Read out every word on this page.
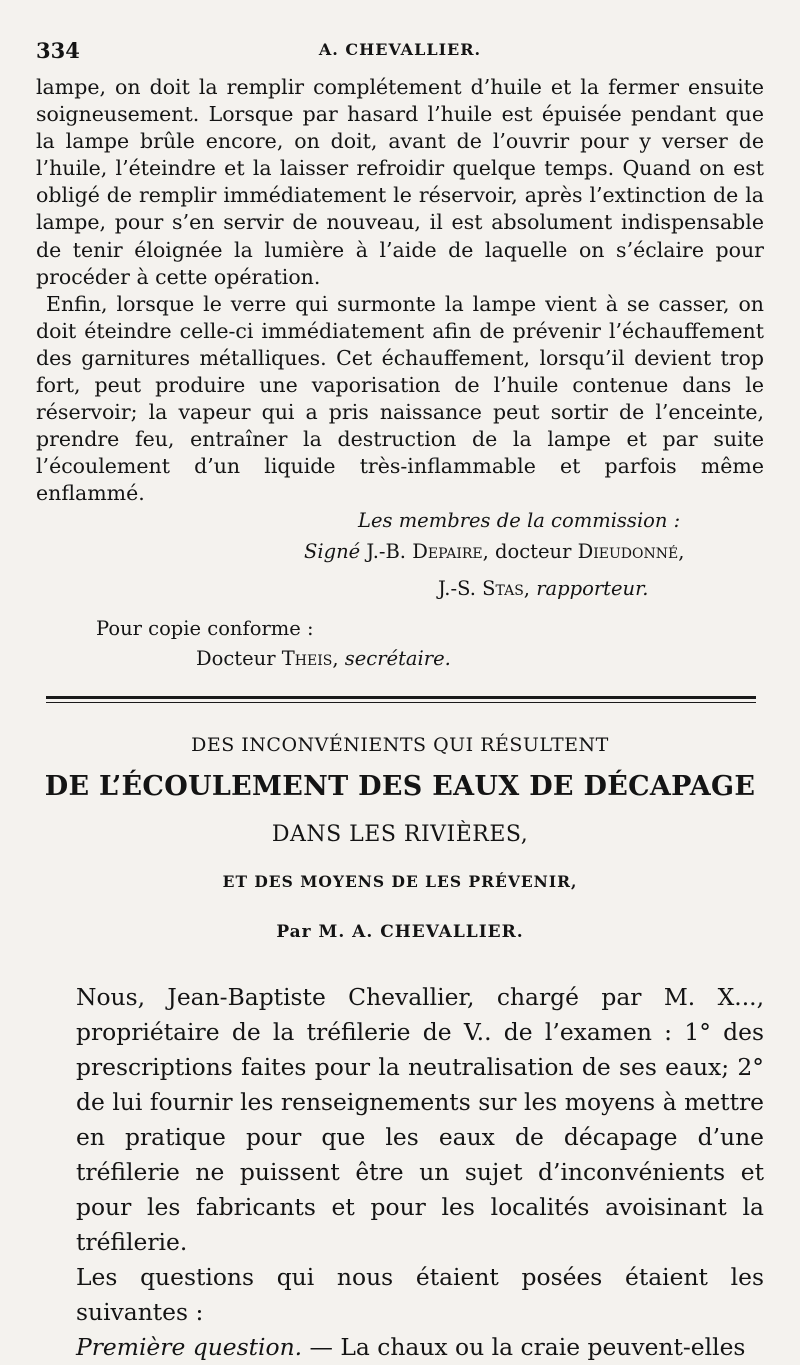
334	A. CHEVALLIER.

lampe, on doit la remplir complétement d’huile et la fermer ensuite soigneusement. Lorsque par hasard l’huile est épuisée pendant que la lampe brûle encore, on doit, avant de l’ouvrir pour y verser de l’huile, l’éteindre et la laisser refroidir quelque temps. Quand on est obligé de remplir immédiatement le réservoir, après l’extinction de la lampe, pour s’en servir de nouveau, il est absolument indispensable de tenir éloignée la lumière à l’aide de laquelle on s’éclaire pour procéder à cette opération.

Enfin, lorsque le verre qui surmonte la lampe vient à se casser, on doit éteindre celle-ci immédiatement afin de prévenir l’échauffement des garnitures métalliques. Cet échauffement, lorsqu’il devient trop fort, peut produire une vaporisation de l’huile contenue dans le réservoir; la vapeur qui a pris naissance peut sortir de l’enceinte, prendre feu, entraîner la destruction de la lampe et par suite l’écoulement d’un liquide très-inflammable et parfois même enflammé.

Les membres de la commission :
Signé J.-B. Depaire, docteur Dieudonné,
J.-S. Stas, rapporteur.
Pour copie conforme :
Docteur Theis, secrétaire.
DES INCONVÉNIENTS QUI RÉSULTENT
DE L’ÉCOULEMENT DES EAUX DE DÉCAPAGE
DANS LES RIVIÈRES,
ET DES MOYENS DE LES PRÉVENIR,
Par M. A. CHEVALLIER.

Nous, Jean-Baptiste Chevallier, chargé par M. X..., propriétaire de la tréfilerie de V.. de l’examen : 1° des prescriptions faites pour la neutralisation de ses eaux; 2° de lui fournir les renseignements sur les moyens à mettre en pratique pour que les eaux de décapage d’une tréfilerie ne puissent être un sujet d’inconvénients et pour les fabricants et pour les localités avoisinant la tréfilerie.

Les questions qui nous étaient posées étaient les suivantes :

Première question. — La chaux ou la craie peuvent-elles
